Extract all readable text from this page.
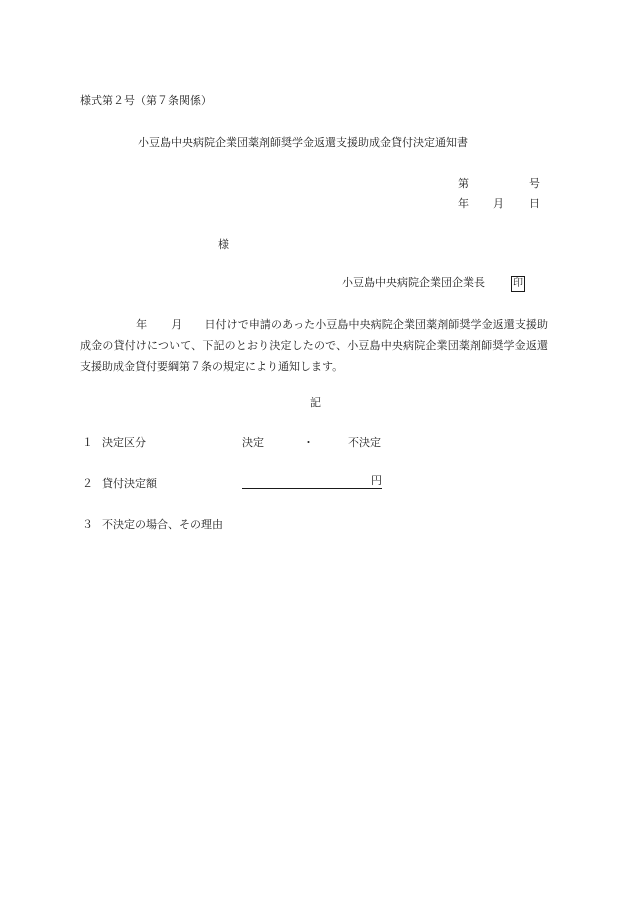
様式第２号（第７条関係）
小豆島中央病院企業団薬剤師奨学金返還支援助成金貸付決定通知書
第	号
年 月 日
様
小豆島中央病院企業団企業長	印
年 月 日付けで申請のあった小豆島中央病院企業団薬剤師奨学金返還支援助成金の貸付けについて、下記のとおり決定したので、小豆島中央病院企業団薬剤師奨学金返還支援助成金貸付要綱第７条の規定により通知します。
記
１ 決定区分	決定	・	不決定
２ 貸付決定額	円
３ 不決定の場合、その理由
